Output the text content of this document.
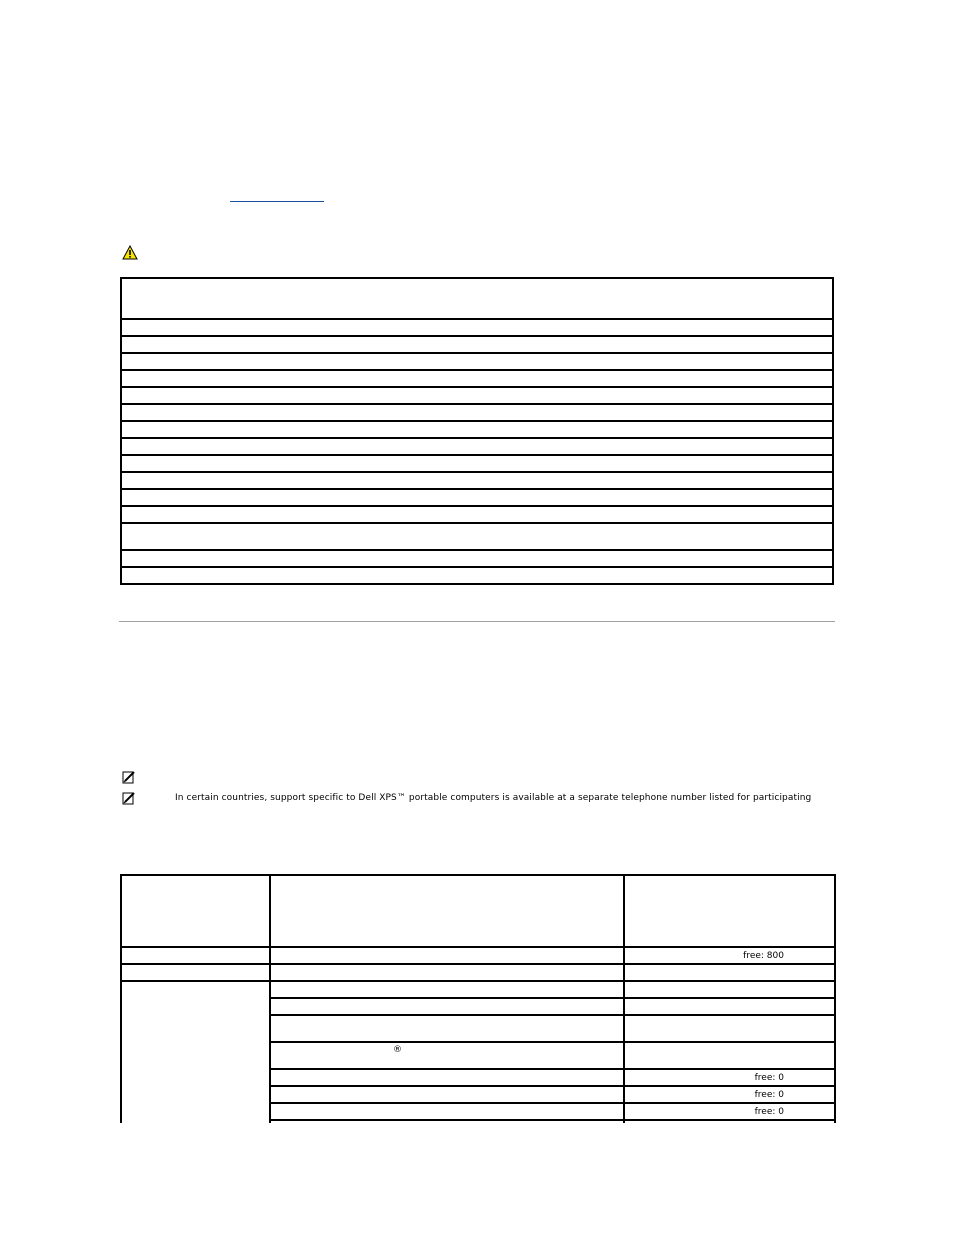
In certain countries, support specific to Dell XPS™ portable computers is available at a separate telephone number listed for participating

		free: 800

		free: 0
		free: 0
		free: 0

®
